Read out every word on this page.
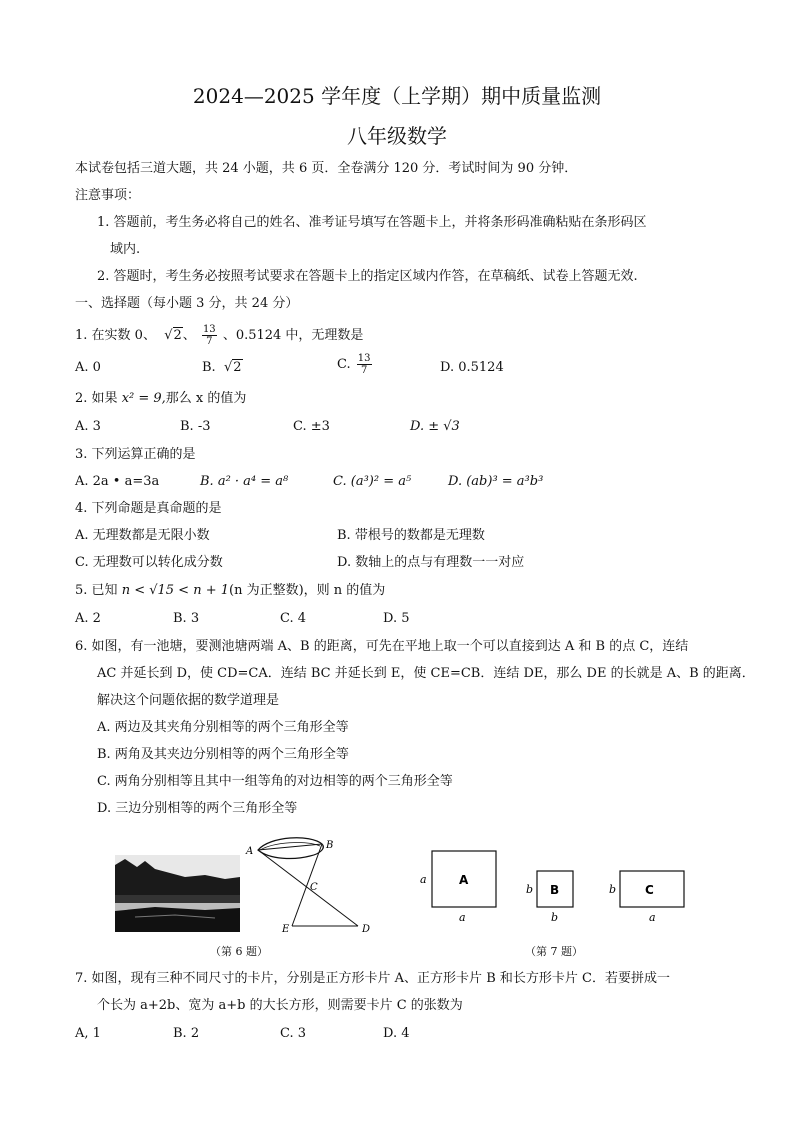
2024—2025 学年度（上学期）期中质量监测
八年级数学
本试卷包括三道大题，共 24 小题，共 6 页．全卷满分 120 分．考试时间为 90 分钟．
注意事项：
1. 答题前，考生务必将自己的姓名、准考证号填写在答题卡上，并将条形码准确粘贴在条形码区
域内.
2. 答题时，考生务必按照考试要求在答题卡上的指定区域内作答，在草稿纸、试卷上答题无效.
一、选择题（每小题 3 分，共 24 分）
1. 在实数 0、 √2、 $\frac{13}{7}$ 、0.5124 中，无理数是
A. 0	B. √2	C. $\frac{13}{7}$	D. 0.5124
2. 如果 x² = 9,那么 x 的值为
A. 3	B. -3	C. ±3	D. ± √3
3. 下列运算正确的是
A. 2a • a=3a	B. a² · a⁴ = a⁸	C. (a³)² = a⁵	D. (ab)³ = a³b³
4. 下列命题是真命题的是
A. 无理数都是无限小数	B. 带根号的数都是无理数
C. 无理数可以转化成分数	D. 数轴上的点与有理数一一对应
5. 已知 n < √15 < n + 1(n 为正整数)，则 n 的值为
A. 2	B. 3	C. 4	D. 5
6. 如图，有一池塘，要测池塘两端 A、B 的距离，可先在平地上取一个可以直接到达 A 和 B 的点 C，连结
AC 并延长到 D，使 CD=CA．连结 BC 并延长到 E，使 CE=CB．连结 DE，那么 DE 的长就是 A、B 的距离．
解决这个问题依据的数学道理是
A. 两边及其夹角分别相等的两个三角形全等
B. 两角及其夹边分别相等的两个三角形全等
C. 两角分别相等且其中一组等角的对边相等的两个三角形全等
D. 三边分别相等的两个三角形全等
A
B
C
D
E
（第 6 题）
A
a
a
B
b
b
C
b
a
（第 7 题）
7. 如图，现有三种不同尺寸的卡片，分别是正方形卡片 A、正方形卡片 B 和长方形卡片 C．若要拼成一
个长为 a+2b、宽为 a+b 的大长方形，则需要卡片 C 的张数为
A, 1	B. 2	C. 3	D. 4
